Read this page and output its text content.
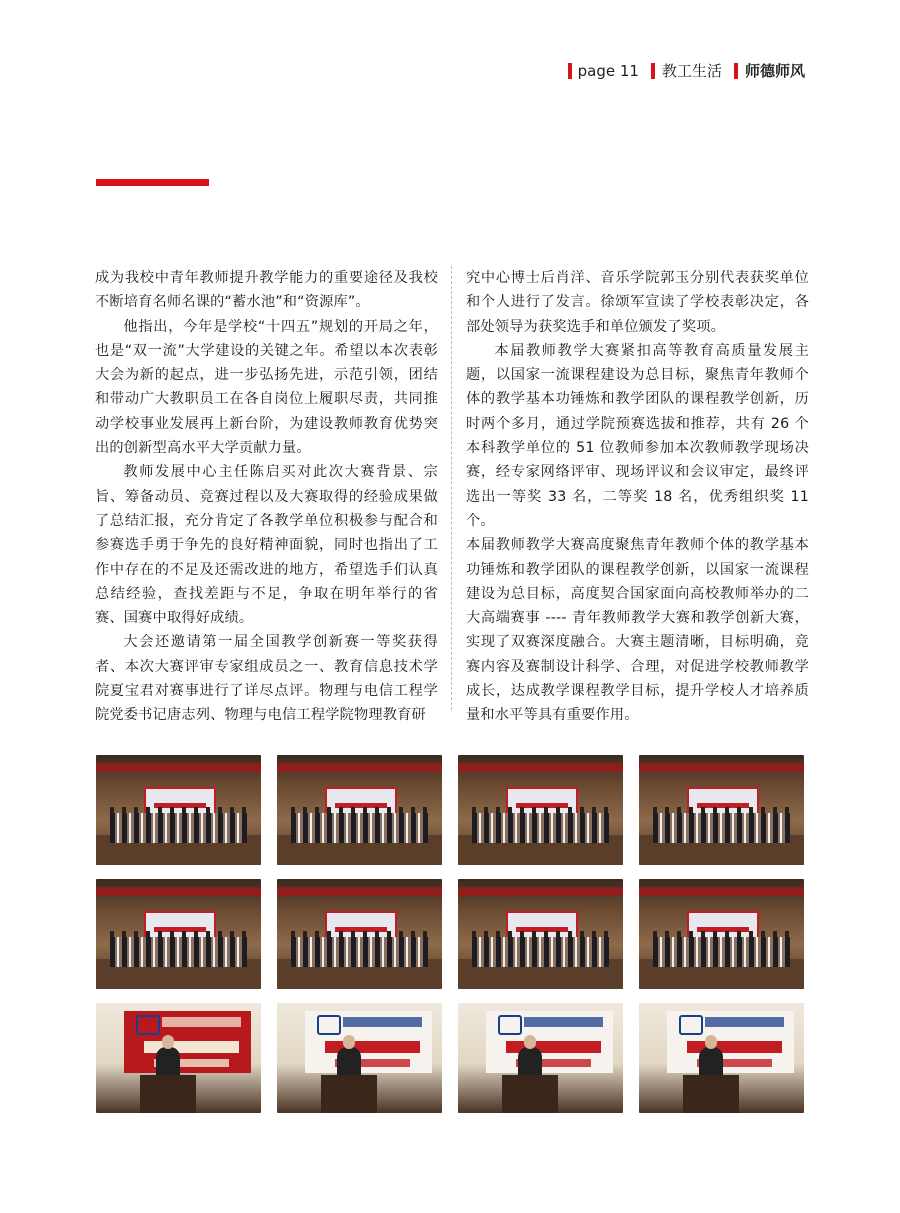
page 11 教工生活 师德师风

成为我校中青年教师提升教学能力的重要途径及我校不断培育名师名课的“蓄水池”和“资源库”。

他指出，今年是学校“十四五”规划的开局之年，也是“双一流”大学建设的关键之年。希望以本次表彰大会为新的起点，进一步弘扬先进，示范引领，团结和带动广大教职员工在各自岗位上履职尽责，共同推动学校事业发展再上新台阶，为建设教师教育优势突出的创新型高水平大学贡献力量。

教师发展中心主任陈启买对此次大赛背景、宗旨、筹备动员、竞赛过程以及大赛取得的经验成果做了总结汇报，充分肯定了各教学单位积极参与配合和参赛选手勇于争先的良好精神面貌，同时也指出了工作中存在的不足及还需改进的地方，希望选手们认真总结经验，查找差距与不足，争取在明年举行的省赛、国赛中取得好成绩。

大会还邀请第一届全国教学创新赛一等奖获得者、本次大赛评审专家组成员之一、教育信息技术学院夏宝君对赛事进行了详尽点评。物理与电信工程学院党委书记唐志列、物理与电信工程学院物理教育研

究中心博士后肖洋、音乐学院郭玉分别代表获奖单位和个人进行了发言。徐颂军宣读了学校表彰决定，各部处领导为获奖选手和单位颁发了奖项。

本届教师教学大赛紧扣高等教育高质量发展主题，以国家一流课程建设为总目标，聚焦青年教师个体的教学基本功锤炼和教学团队的课程教学创新，历时两个多月，通过学院预赛选拔和推荐，共有 26 个本科教学单位的 51 位教师参加本次教师教学现场决赛，经专家网络评审、现场评议和会议审定，最终评选出一等奖 33 名，二等奖 18 名，优秀组织奖 11 个。

本届教师教学大赛高度聚焦青年教师个体的教学基本功锤炼和教学团队的课程教学创新，以国家一流课程建设为总目标，高度契合国家面向高校教师举办的二大高端赛事 ---- 青年教师教学大赛和教学创新大赛，实现了双赛深度融合。大赛主题清晰，目标明确，竞赛内容及赛制设计科学、合理，对促进学校教师教学成长，达成教学课程教学目标，提升学校人才培养质量和水平等具有重要作用。
